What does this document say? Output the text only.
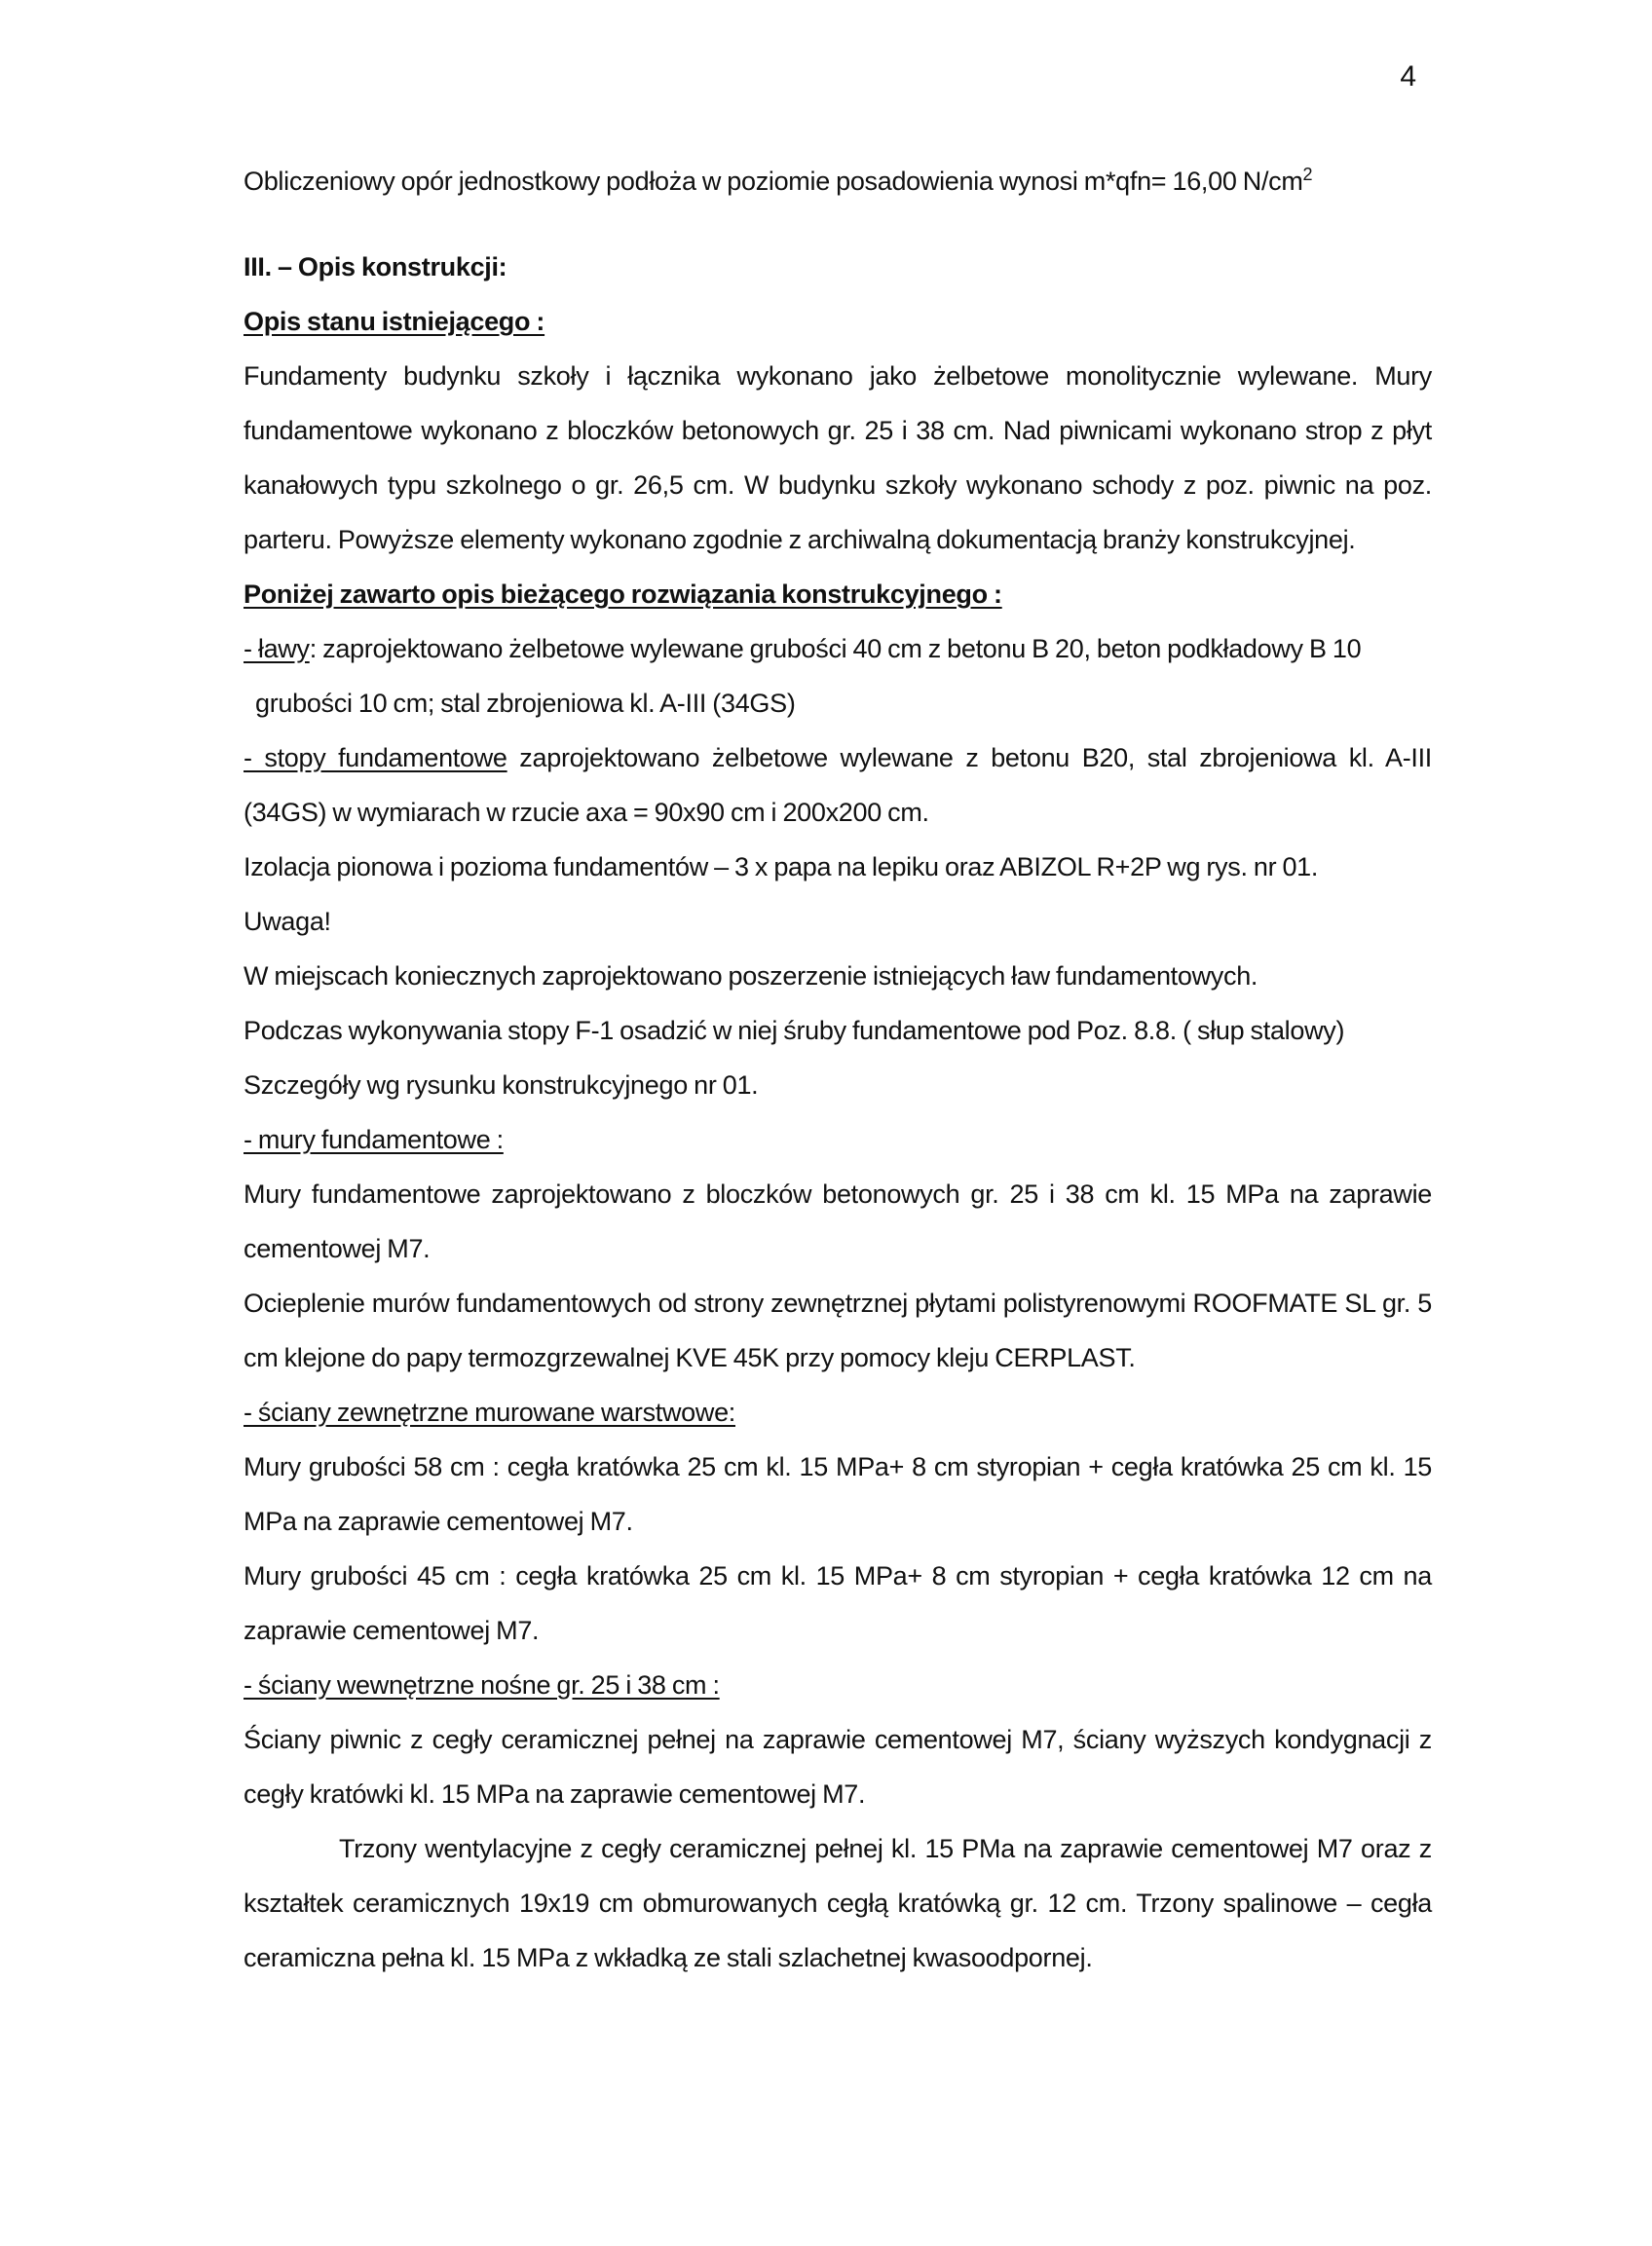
4

Obliczeniowy opór jednostkowy podłoża w poziomie posadowienia wynosi m*qfn= 16,00 $N/cm^2$

III. – Opis konstrukcji:

Opis stanu istniejącego :

Fundamenty budynku szkoły i łącznika wykonano jako żelbetowe monolitycznie wylewane. Mury fundamentowe wykonano z bloczków betonowych gr. 25 i 38 cm. Nad piwnicami wykonano strop z płyt kanałowych typu szkolnego o gr. 26,5 cm. W budynku szkoły wykonano schody z poz. piwnic na poz. parteru. Powyższe elementy wykonano zgodnie z archiwalną dokumentacją branży konstrukcyjnej.

Poniżej zawarto opis bieżącego rozwiązania konstrukcyjnego :

- ławy: zaprojektowano żelbetowe wylewane grubości 40 cm z betonu B 20, beton podkładowy B 10

grubości 10 cm; stal zbrojeniowa kl. A-III (34GS)

- stopy fundamentowe zaprojektowano żelbetowe wylewane z betonu B20, stal zbrojeniowa kl. A-III (34GS) w wymiarach w rzucie axa = 90x90 cm i 200x200 cm.

Izolacja pionowa i pozioma fundamentów – 3 x papa na lepiku oraz ABIZOL R+2P wg rys. nr 01.

Uwaga!

W miejscach koniecznych zaprojektowano poszerzenie istniejących ław fundamentowych.

Podczas wykonywania stopy F-1 osadzić w niej śruby fundamentowe pod Poz. 8.8. ( słup stalowy)

Szczegóły wg rysunku konstrukcyjnego nr 01.

- mury fundamentowe :

Mury fundamentowe zaprojektowano z bloczków betonowych gr. 25 i 38 cm kl. 15 MPa na zaprawie cementowej M7.

Ocieplenie murów fundamentowych od strony zewnętrznej płytami polistyrenowymi ROOFMATE SL gr. 5 cm klejone do papy termozgrzewalnej KVE 45K przy pomocy kleju CERPLAST.

- ściany zewnętrzne murowane warstwowe:

Mury grubości 58 cm : cegła kratówka 25 cm kl. 15 MPa+ 8 cm styropian + cegła kratówka 25 cm kl. 15 MPa na zaprawie cementowej M7.

Mury grubości 45 cm : cegła kratówka 25 cm kl. 15 MPa+ 8 cm styropian + cegła kratówka 12 cm na zaprawie cementowej M7.

- ściany wewnętrzne nośne gr. 25 i 38 cm :

Ściany piwnic z cegły ceramicznej pełnej na zaprawie cementowej M7, ściany wyższych kondygnacji z cegły kratówki kl. 15 MPa na zaprawie cementowej M7.

Trzony wentylacyjne z cegły ceramicznej pełnej kl. 15 PMa na zaprawie cementowej M7 oraz z kształtek ceramicznych 19x19 cm obmurowanych cegłą kratówką gr. 12 cm. Trzony spalinowe – cegła ceramiczna pełna kl. 15 MPa z wkładką ze stali szlachetnej kwasoodpornej.
